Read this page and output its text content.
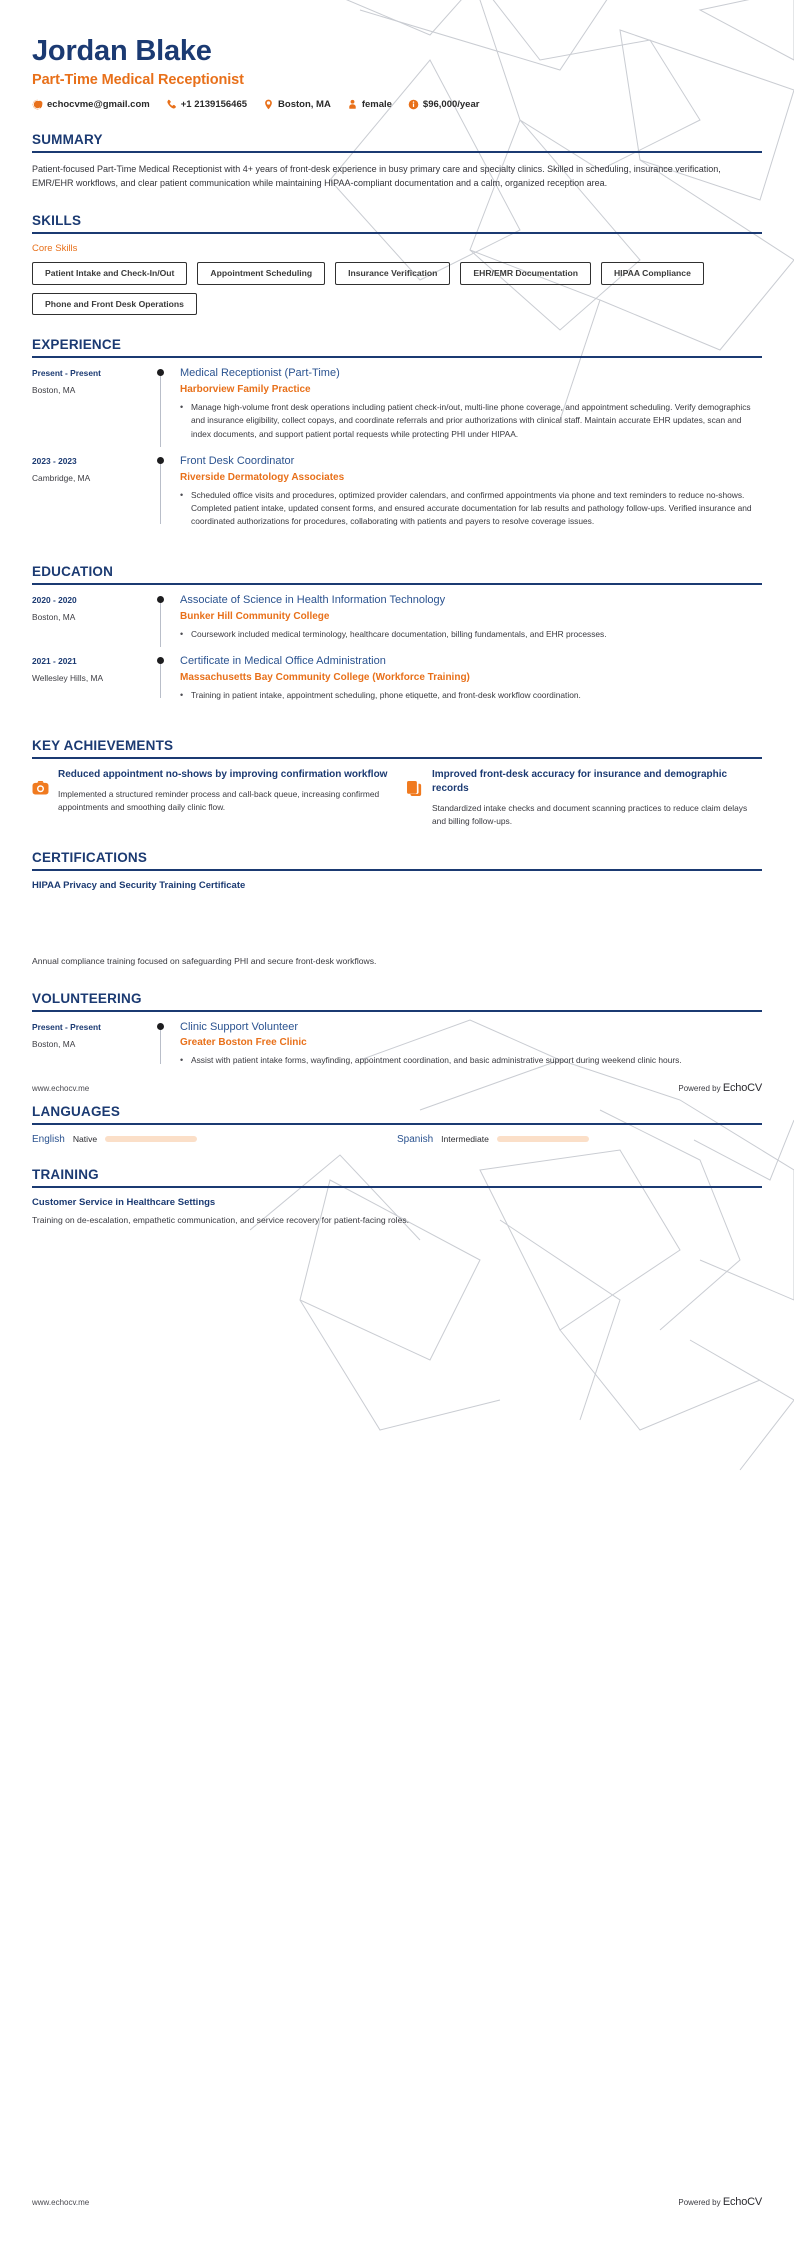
Jordan Blake
Part-Time Medical Receptionist
echocvme@gmail.com	+1 2139156465	Boston, MA	female	$96,000/year
SUMMARY

Patient-focused Part-Time Medical Receptionist with 4+ years of front-desk experience in busy primary care and specialty clinics. Skilled in scheduling, insurance verification, EMR/EHR workflows, and clear patient communication while maintaining HIPAA-compliant documentation and a calm, organized reception area.

SKILLS
Core Skills
Patient Intake and Check-In/Out	Appointment Scheduling	Insurance Verification	EHR/EMR Documentation	HIPAA Compliance
Phone and Front Desk Operations
EXPERIENCE
Present - Present
Boston, MA
Medical Receptionist (Part-Time)
Harborview Family Practice
• Manage high-volume front desk operations including patient check-in/out, multi-line phone coverage, and appointment scheduling. Verify demographics and insurance eligibility, collect copays, and coordinate referrals and prior authorizations with clinical staff. Maintain accurate EHR updates, scan and index documents, and support patient portal requests while protecting PHI under HIPAA.
2023 - 2023
Cambridge, MA
Front Desk Coordinator
Riverside Dermatology Associates
• Scheduled office visits and procedures, optimized provider calendars, and confirmed appointments via phone and text reminders to reduce no-shows. Completed patient intake, updated consent forms, and ensured accurate documentation for lab results and pathology follow-ups. Verified insurance and coordinated authorizations for procedures, collaborating with patients and payers to resolve coverage issues.
EDUCATION
2020 - 2020
Boston, MA
Associate of Science in Health Information Technology
Bunker Hill Community College
• Coursework included medical terminology, healthcare documentation, billing fundamentals, and EHR processes.
2021 - 2021
Wellesley Hills, MA
Certificate in Medical Office Administration
Massachusetts Bay Community College (Workforce Training)
• Training in patient intake, appointment scheduling, phone etiquette, and front-desk workflow coordination.
KEY ACHIEVEMENTS
Reduced appointment no-shows by improving confirmation workflow
Implemented a structured reminder process and call-back queue, increasing confirmed appointments and smoothing daily clinic flow.
Improved front-desk accuracy for insurance and demographic records
Standardized intake checks and document scanning practices to reduce claim delays and billing follow-ups.
CERTIFICATIONS
HIPAA Privacy and Security Training Certificate
Annual compliance training focused on safeguarding PHI and secure front-desk workflows.
VOLUNTEERING
Present - Present
Boston, MA
Clinic Support Volunteer
Greater Boston Free Clinic
• Assist with patient intake forms, wayfinding, appointment coordination, and basic administrative support during weekend clinic hours.
LANGUAGES
English Native	Spanish Intermediate
TRAINING
Customer Service in Healthcare Settings
Training on de-escalation, empathetic communication, and service recovery for patient-facing roles.
www.echocv.me	Powered by EchoCV
www.echocv.me	Powered by EchoCV
